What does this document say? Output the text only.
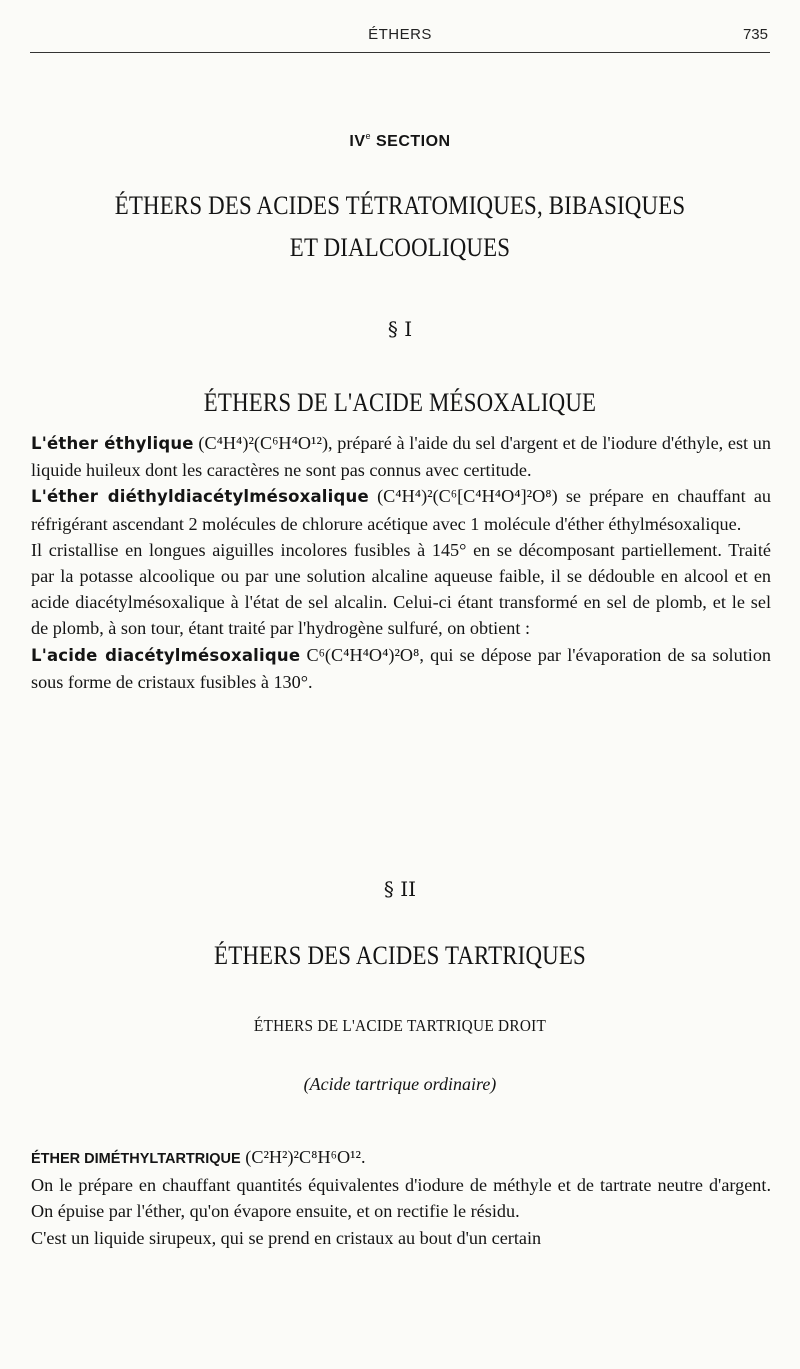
ÉTHERS	735
IVe SECTION
ÉTHERS DES ACIDES TÉTRATOMIQUES, BIBASIQUES
ET DIALCOOLIQUES
§ I
ÉTHERS DE L'ACIDE MÉSOXALIQUE

L'éther éthylique (C⁴H⁴)²(C⁶H⁴O¹²), préparé à l'aide du sel d'argent et de l'iodure d'éthyle, est un liquide huileux dont les caractères ne sont pas connus avec certitude.

L'éther diéthyldiacétylmésoxalique (C⁴H⁴)²(C⁶[C⁴H⁴O⁴]²O⁸) se prépare en chauffant au réfrigérant ascendant 2 molécules de chlorure acétique avec 1 molécule d'éther éthylmésoxalique.

Il cristallise en longues aiguilles incolores fusibles à 145° en se décomposant partiellement. Traité par la potasse alcoolique ou par une solution alcaline aqueuse faible, il se dédouble en alcool et en acide diacétylmésoxalique à l'état de sel alcalin. Celui-ci étant transformé en sel de plomb, et le sel de plomb, à son tour, étant traité par l'hydrogène sulfuré, on obtient :

L'acide diacétylmésoxalique C⁶(C⁴H⁴O⁴)²O⁸, qui se dépose par l'évaporation de sa solution sous forme de cristaux fusibles à 130°.

§ II
ÉTHERS DES ACIDES TARTRIQUES
ÉTHERS DE L'ACIDE TARTRIQUE DROIT
(Acide tartrique ordinaire)

ÉTHER DIMÉTHYLTARTRIQUE (C²H²)²C⁸H⁶O¹².

On le prépare en chauffant quantités équivalentes d'iodure de méthyle et de tartrate neutre d'argent. On épuise par l'éther, qu'on évapore ensuite, et on rectifie le résidu.

C'est un liquide sirupeux, qui se prend en cristaux au bout d'un certain
